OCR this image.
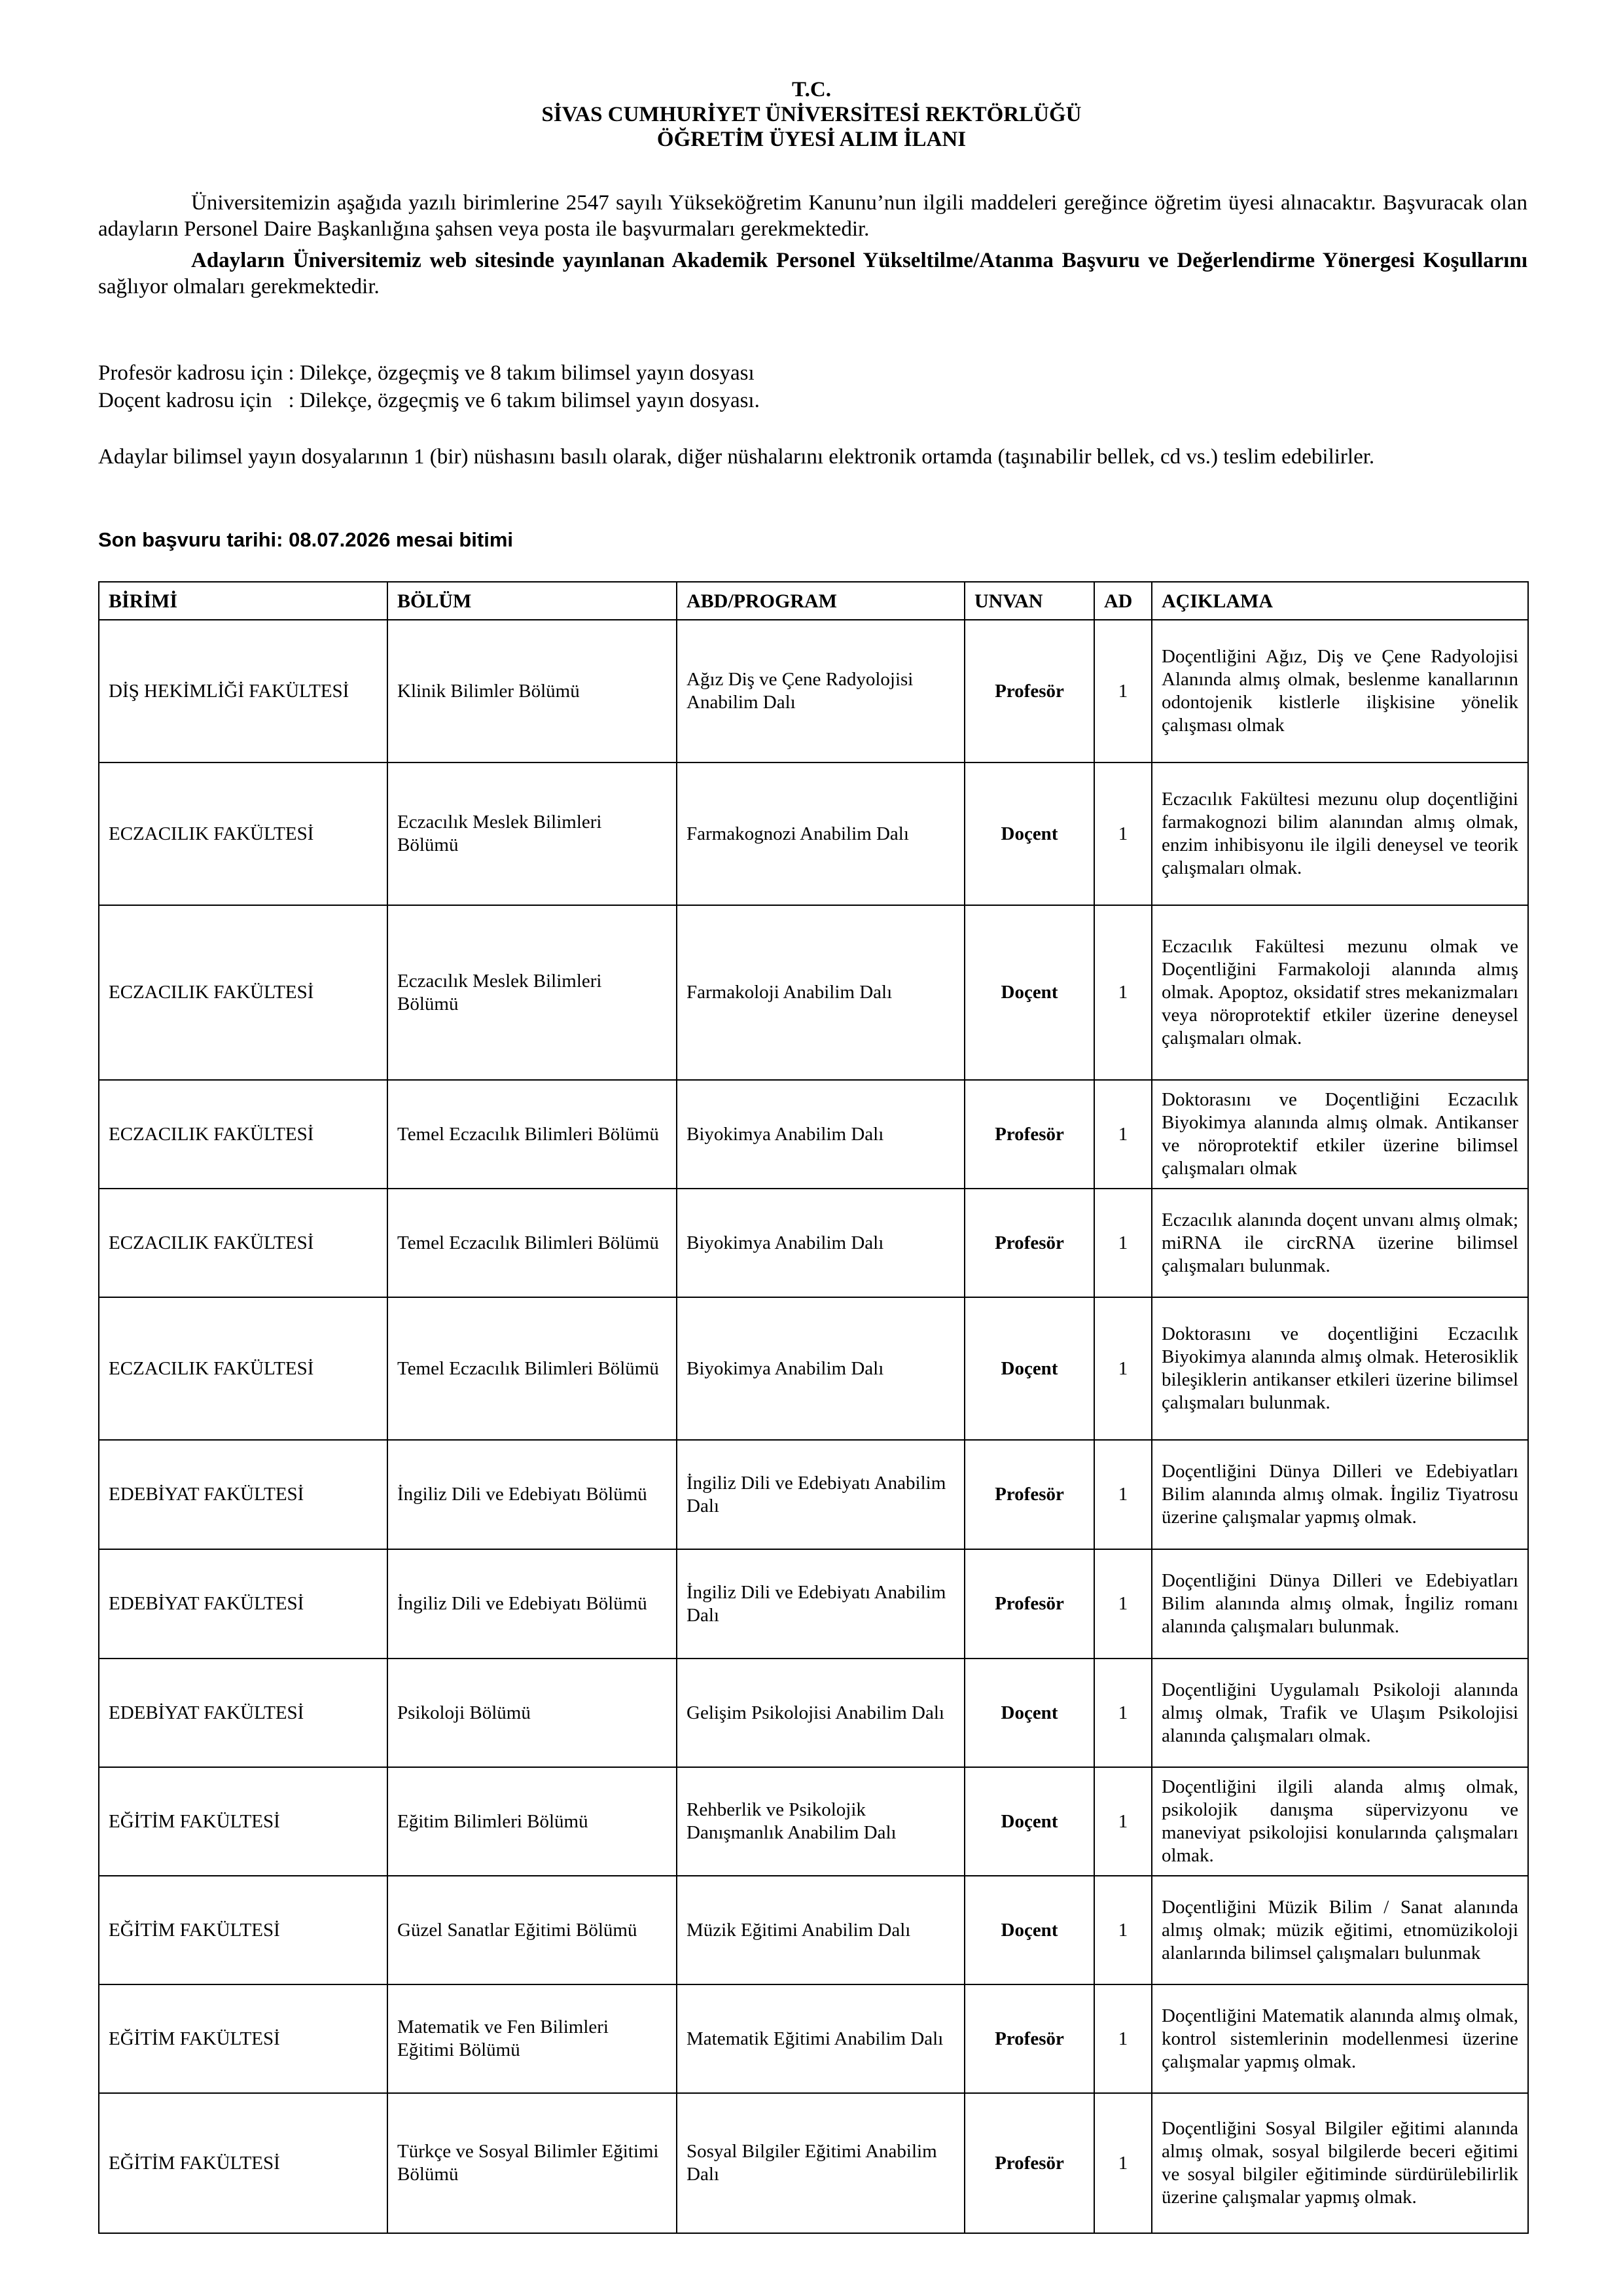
T.C.
SİVAS CUMHURİYET ÜNİVERSİTESİ REKTÖRLÜĞÜ
ÖĞRETİM ÜYESİ ALIM İLANI
Üniversitemizin aşağıda yazılı birimlerine 2547 sayılı Yükseköğretim Kanunu’nun ilgili maddeleri gereğince öğretim üyesi alınacaktır. Başvuracak olan adayların Personel Daire Başkanlığına şahsen veya posta ile başvurmaları gerekmektedir.
Adayların Üniversitemiz web sitesinde yayınlanan Akademik Personel Yükseltilme/Atanma Başvuru ve Değerlendirme Yönergesi Koşullarını sağlıyor olmaları gerekmektedir.
Profesör kadrosu için : Dilekçe, özgeçmiş ve 8 takım bilimsel yayın dosyası
Doçent kadrosu için   : Dilekçe, özgeçmiş ve 6 takım bilimsel yayın dosyası.
Adaylar bilimsel yayın dosyalarının 1 (bir) nüshasını basılı olarak, diğer nüshalarını elektronik ortamda (taşınabilir bellek, cd vs.) teslim edebilirler.
Son başvuru tarihi: 08.07.2026 mesai bitimi
BİRİMİ	BÖLÜM	ABD/PROGRAM	UNVAN	AD	AÇIKLAMA
DİŞ HEKİMLİĞİ FAKÜLTESİ	Klinik Bilimler Bölümü	Ağız Diş ve Çene Radyolojisi Anabilim Dalı	Profesör	1	Doçentliğini Ağız, Diş ve Çene Radyolojisi Alanında almış olmak, beslenme kanallarının odontojenik kistlerle ilişkisine yönelik çalışması olmak
ECZACILIK FAKÜLTESİ	Eczacılık Meslek Bilimleri Bölümü	Farmakognozi Anabilim Dalı	Doçent	1	Eczacılık Fakültesi mezunu olup doçentliğini farmakognozi bilim alanından almış olmak, enzim inhibisyonu ile ilgili deneysel ve teorik çalışmaları olmak.
ECZACILIK FAKÜLTESİ	Eczacılık Meslek Bilimleri Bölümü	Farmakoloji Anabilim Dalı	Doçent	1	Eczacılık Fakültesi mezunu olmak ve Doçentliğini Farmakoloji alanında almış olmak. Apoptoz, oksidatif stres mekanizmaları veya nöroprotektif etkiler üzerine deneysel çalışmaları olmak.
ECZACILIK FAKÜLTESİ	Temel Eczacılık Bilimleri Bölümü	Biyokimya Anabilim Dalı	Profesör	1	Doktorasını ve Doçentliğini Eczacılık Biyokimya alanında almış olmak. Antikanser ve nöroprotektif etkiler üzerine bilimsel çalışmaları olmak
ECZACILIK FAKÜLTESİ	Temel Eczacılık Bilimleri Bölümü	Biyokimya Anabilim Dalı	Profesör	1	Eczacılık alanında doçent unvanı almış olmak; miRNA ile circRNA üzerine bilimsel çalışmaları bulunmak.
ECZACILIK FAKÜLTESİ	Temel Eczacılık Bilimleri Bölümü	Biyokimya Anabilim Dalı	Doçent	1	Doktorasını ve doçentliğini Eczacılık Biyokimya alanında almış olmak. Heterosiklik bileşiklerin antikanser etkileri üzerine bilimsel çalışmaları bulunmak.
EDEBİYAT FAKÜLTESİ	İngiliz Dili ve Edebiyatı Bölümü	İngiliz Dili ve Edebiyatı Anabilim Dalı	Profesör	1	Doçentliğini Dünya Dilleri ve Edebiyatları Bilim alanında almış olmak. İngiliz Tiyatrosu üzerine çalışmalar yapmış olmak.
EDEBİYAT FAKÜLTESİ	İngiliz Dili ve Edebiyatı Bölümü	İngiliz Dili ve Edebiyatı Anabilim Dalı	Profesör	1	Doçentliğini Dünya Dilleri ve Edebiyatları Bilim alanında almış olmak, İngiliz romanı alanında çalışmaları bulunmak.
EDEBİYAT FAKÜLTESİ	Psikoloji Bölümü	Gelişim Psikolojisi Anabilim Dalı	Doçent	1	Doçentliğini Uygulamalı Psikoloji alanında almış olmak, Trafik ve Ulaşım Psikolojisi alanında çalışmaları olmak.
EĞİTİM FAKÜLTESİ	Eğitim Bilimleri Bölümü	Rehberlik ve Psikolojik Danışmanlık Anabilim Dalı	Doçent	1	Doçentliğini ilgili alanda almış olmak, psikolojik danışma süpervizyonu ve maneviyat psikolojisi konularında çalışmaları olmak.
EĞİTİM FAKÜLTESİ	Güzel Sanatlar Eğitimi Bölümü	Müzik Eğitimi Anabilim Dalı	Doçent	1	Doçentliğini Müzik Bilim / Sanat alanında almış olmak; müzik eğitimi, etnomüzikoloji alanlarında bilimsel çalışmaları bulunmak
EĞİTİM FAKÜLTESİ	Matematik ve Fen Bilimleri Eğitimi Bölümü	Matematik Eğitimi Anabilim Dalı	Profesör	1	Doçentliğini Matematik alanında almış olmak, kontrol sistemlerinin modellenmesi üzerine çalışmalar yapmış olmak.
EĞİTİM FAKÜLTESİ	Türkçe ve Sosyal Bilimler Eğitimi Bölümü	Sosyal Bilgiler Eğitimi Anabilim Dalı	Profesör	1	Doçentliğini Sosyal Bilgiler eğitimi alanında almış olmak, sosyal bilgilerde beceri eğitimi ve sosyal bilgiler eğitiminde sürdürülebilirlik üzerine çalışmalar yapmış olmak.
